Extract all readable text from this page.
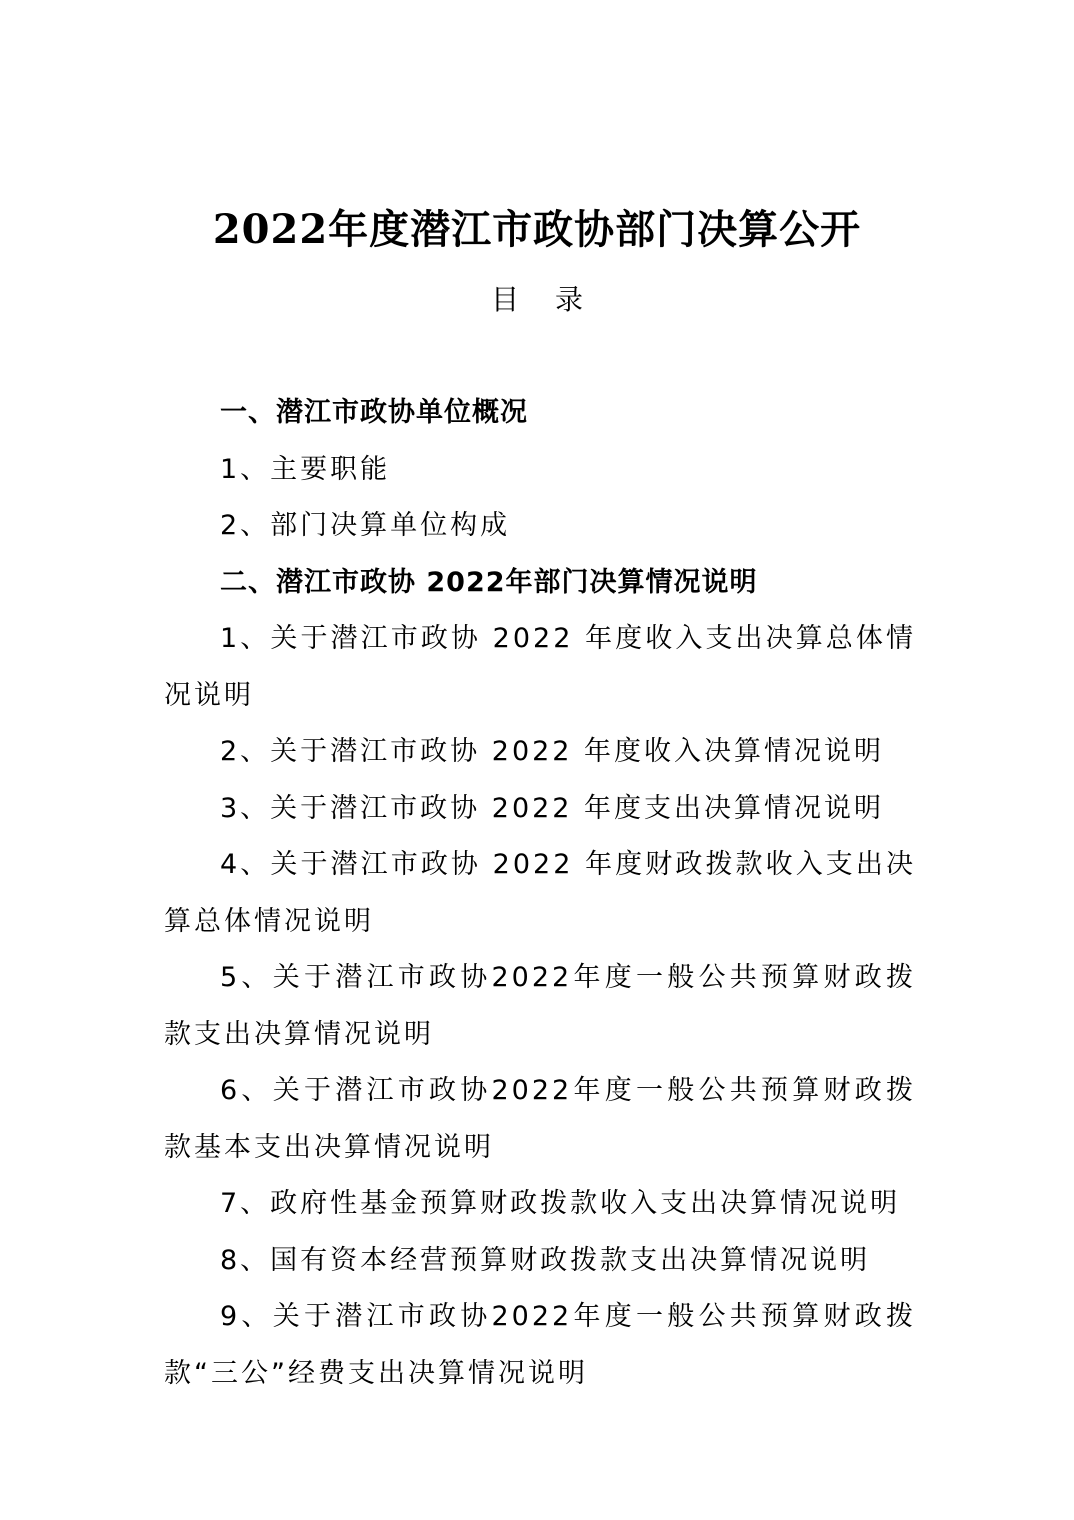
2022年度潜江市政协部门决算公开
目 录
一、潜江市政协单位概况
1、主要职能
2、部门决算单位构成
二、潜江市政协 2022年部门决算情况说明
1、关于潜江市政协 2022 年度收入支出决算总体情况说明
2、关于潜江市政协 2022 年度收入决算情况说明
3、关于潜江市政协 2022 年度支出决算情况说明
4、关于潜江市政协 2022 年度财政拨款收入支出决算总体情况说明
5、关于潜江市政协2022年度一般公共预算财政拨款支出决算情况说明
6、关于潜江市政协2022年度一般公共预算财政拨款基本支出决算情况说明
7、政府性基金预算财政拨款收入支出决算情况说明
8、国有资本经营预算财政拨款支出决算情况说明
9、关于潜江市政协2022年度一般公共预算财政拨款“三公”经费支出决算情况说明
